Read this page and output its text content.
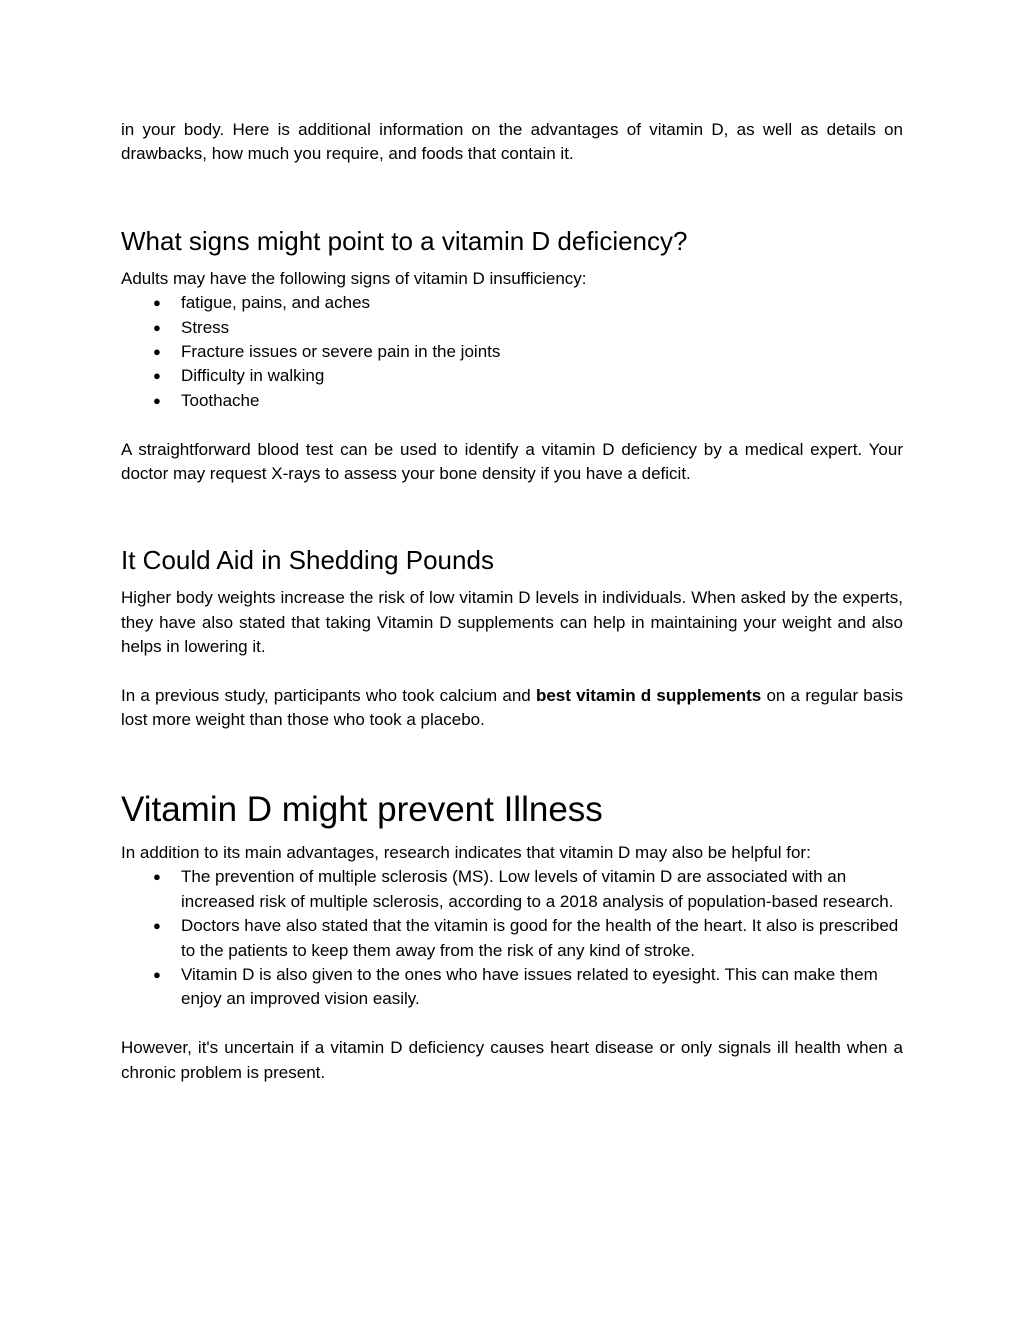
in your body. Here is additional information on the advantages of vitamin D, as well as details on drawbacks, how much you require, and foods that contain it.

What signs might point to a vitamin D deficiency?

Adults may have the following signs of vitamin D insufficiency:

● fatigue, pains, and aches
● Stress
● Fracture issues or severe pain in the joints
● Difficulty in walking
● Toothache

A straightforward blood test can be used to identify a vitamin D deficiency by a medical expert. Your doctor may request X-rays to assess your bone density if you have a deficit.

It Could Aid in Shedding Pounds

Higher body weights increase the risk of low vitamin D levels in individuals. When asked by the experts, they have also stated that taking Vitamin D supplements can help in maintaining your weight and also helps in lowering it.

In a previous study, participants who took calcium and best vitamin d supplements on a regular basis lost more weight than those who took a placebo.

Vitamin D might prevent Illness

In addition to its main advantages, research indicates that vitamin D may also be helpful for:

● The prevention of multiple sclerosis (MS). Low levels of vitamin D are associated with an increased risk of multiple sclerosis, according to a 2018 analysis of population-based research.
● Doctors have also stated that the vitamin is good for the health of the heart. It also is prescribed to the patients to keep them away from the risk of any kind of stroke.
● Vitamin D is also given to the ones who have issues related to eyesight. This can make them enjoy an improved vision easily.

However, it's uncertain if a vitamin D deficiency causes heart disease or only signals ill health when a chronic problem is present.
